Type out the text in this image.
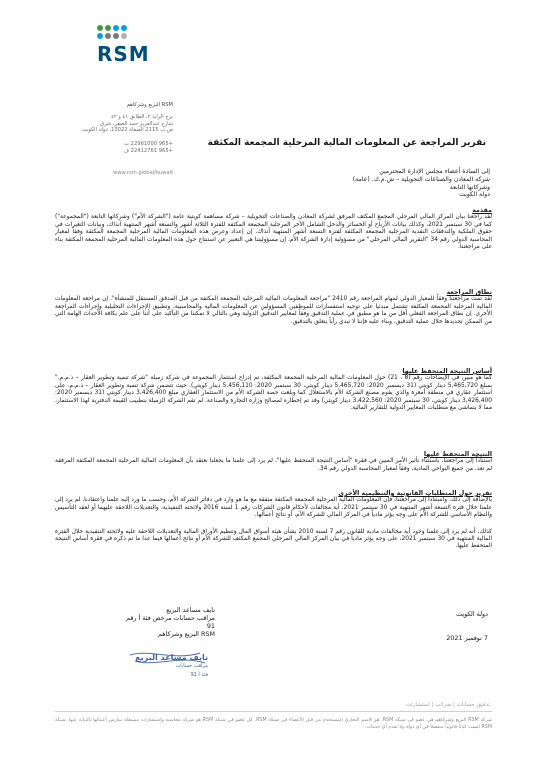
RSM
RSM البزيع وشركاهم
برج الراية ٢، الطابق ٤١ و ٤٢
شارع عبدالعزيز حمد الصقر، شرق
ص.ب 2115 الصفاة 13022، دولة الكويت
+965 22961000 ت
+965 22412761 ف
www.rsm.global/kuwait
تقرير المراجعة عن المعلومات المالية المرحلية المجمعة المكثفة
إلى السادة أعضاء مجلس الإدارة المحترمين
شركة المعادن والصناعات التحويلية – ش.م.ك. (عامة)
وشركاتها التابعة
دولة الكويت
مقدمة
لقد راجعنا بيان المركز المالي المرحلي المجمع المكثف المرفق لشركة المعادن والصناعات التحويلية – شركة مساهمة كويتية عامة ("الشركة الأم") وشركاتها التابعة ("المجموعة") كما في 30 سبتمبر 2021، وكذلك بيانات الأرباح أو الخسائر والدخل الشامل الآخر المرحلية المجمعة المكثفة للفترة الثلاثة أشهر والتسعة أشهر المنتهية آنذاك، وبيانات التغيرات في حقوق الملكية والتدفقات النقدية المرحلية المجمعة المكثفة لفترة التسعة أشهر المنتهية آنذاك. إن إعداد وعرض هذه المعلومات المالية المرحلية المجمعة المكثفة وفقاً لمعيار المحاسبة الدولي رقم 34 "التقرير المالي المرحلي" من مسؤولية إدارة الشركة الأم. إن مسؤوليتنا هي التعبير عن استنتاج حول هذه المعلومات المالية المرحلية المجمعة المكثفة بناء على مراجعتنا.
نطاق المراجعة
لقد تمت مراجعتنا وفقاً للمعيار الدولي لمهام المراجعة رقم 2410 "مراجعة المعلومات المالية المرحلية المجمعة المكثفة من قبل المدقق المستقل للمنشأة". إن مراجعة المعلومات المالية المرحلية المجمعة المكثفة تشتمل مبدئيا على توجيه استفسارات للموظفين المسؤولين عن المعلومات المالية والمحاسبية، وتطبيق الإجراءات التحليلية وإجراءات المراجعة الأخرى. إن نطاق المراجعة الفعلي أقل من ما هو مطبق في عملية التدقيق وفقاً لمعايير التدقيق الدولية وهي بالتالي لا تمكننا من التأكيد على أننا على علم بكافة الأحداث الهامة التي من الممكن تحديدها خلال عملية التدقيق، وبناء عليه فإننا لا نبدي رأياً يتعلق بالتدقيق.
أساس النتيجة المتحفظ عليها
كما هو مبين في الإيضاحات رقم (8 ، 21) حول المعلومات المالية المرحلية المجمعة المكثفة، تم إدراج استثمار المجموعة في شركة زميلة "شركة تنمية وتطوير العقار – ذ.م.م." بمبلغ 5,465,720 دينار كويتي (31 ديسمبر 2020: 5,465,720 دينار كويتي، 30 سبتمبر 2020: 5,456,110 دينار كويتي). حيث تتضمن شركة تنمية وتطوير العقار – ذ.م.م. على استثمار عقاري في منطقة أمغرة والذي يقوم مصنع الشركة الأم بالاستغلال كما وبلغت حصة الشركة الأم من الاستثمار العقاري مبلغ 3,426,400 دينار كويتي (31 ديسمبر 2020: 3,426,400 دينار كويتي، 30 سبتمبر 2020: 3,422,560 دينار كويتي) وقد تم إخطاره لمصالح وزارة التجارة والصناعة. لم تقم الشركة الزميلة بتطبيب القيمة الدفترية لهذا الاستثمار، مما لا يتماشى مع متطلبات المعايير الدولية للتقارير المالية.
النتيجة المتحفظ عليها
استناداً إلى مراجعتنا، باستثناء تأثير الأمر المبين في فقرة "أساس النتيجة المتحفظ عليها"، لم يرد إلى علمنا ما يجعلنا نعتقد بأن المعلومات المالية المرحلية المجمعة المكثفة المرفقة لم تعد، من جميع النواحي المادية، وفقاً لمعيار المحاسبة الدولي رقم 34.
تقرير حول المتطلبات القانونية والتنظيمية الأخرى
بالإضافة إلى ذلك، واستناداً إلى مراجعتنا، فإن المعلومات المالية المرحلية المجمعة المكثفة متفقة مع ما هو وارد في دفاتر الشركة الأم، وحسب ما ورد إليه علمنا واعتقادنا، لم يرد إلى علمنا خلال فترة التسعة أشهر المنتهية في 30 سبتمبر 2021، أية مخالفات لأحكام قانون الشركات رقم 1 لسنة 2016 ولائحته التنفيذية، والتعديلات اللاحقة عليهما أو لعقد التأسيس والنظام الأساسي للشركة الأم على وجه يؤثر مادياً في المركز المالي للشركة الأم، أو نتائج أعمالها.
كذلك، أنه لم يرد إلى علمنا وجود أية مخالفات مادية للقانون رقم 7 لسنة 2010 بشأن هيئة أسواق المال وتنظيم الأوراق المالية والتعديلات اللاحقة عليه ولائحته التنفيذية خلال الفترة المالية المنتهية في 30 سبتمبر 2021، على وجه يؤثر مادياً في بيان المركز المالي المرحلي المجمع المكثف للشركة الأم أو نتائج أعمالها فيما عدا ما تم ذكره في فقرة أساس النتيجة المتحفظ عليها.
دولة الكويت
7 نوفمبر 2021
نايف مساعد البزيع
مراقب حسابات مرخص فئة أ رقم 91
RSM البزيع وشركاهم
نايف مساعد البزيع
مراقب حسابات
فئة أ 91
تدقيق حسابات | ضرائب | استشارات
شركة RSM البزيع وشركاهم هي عضو في شبكة RSM. هو الاسم التجاري المستخدم من قبل الأعضاء في شبكة RSM. كل عضو في شبكة RSM هو شركة محاسبة واستشارات مستقلة تمارس أعمالها بالنيابة عنها. شبكة RSM ليست كياناً قانونياً منفصلاً في أي دولة ولا تقدم أي خدمات.
